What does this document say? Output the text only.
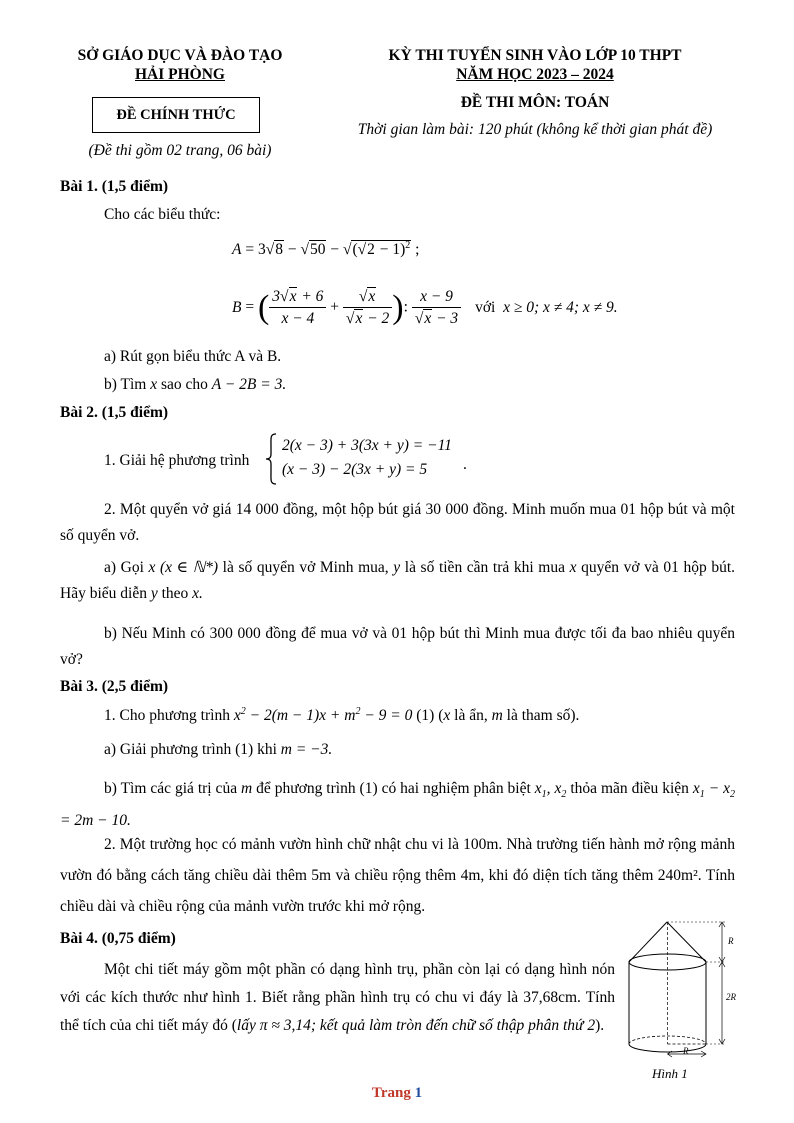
SỞ GIÁO DỤC VÀ ĐÀO TẠO
HẢI PHÒNG
ĐỀ CHÍNH THỨC
(Đề thi gồm 02 trang, 06 bài)
KỲ THI TUYỂN SINH VÀO LỚP 10 THPT
NĂM HỌC 2023 – 2024
ĐỀ THI MÔN: TOÁN
Thời gian làm bài: 120 phút (không kể thời gian phát đề)
Bài 1. (1,5 điểm)
Cho các biểu thức:
$A = 3√8 - √50 - √(√2 - 1)^2$ ;
B = ( $\frac{3√x + 6}{x - 4} + \frac{√x}{√x - 2}$ ): $\frac{x - 9}{√x - 3}$ với  x ≥ 0; x ≠ 4; x ≠ 9.
a) Rút gọn biểu thức A và B.
b) Tìm x sao cho A − 2B = 3.
Bài 2. (1,5 điểm)
1. Giải hệ phương trình
2(x − 3) + 3(3x + y) = −11
(x − 3) − 2(3x + y) = 5	.
2. Một quyển vở giá 14 000 đồng, một hộp bút giá 30 000 đồng. Minh muốn mua 01 hộp bút và một số quyển vở.
a) Gọi x (x ∈ ℕ*) là số quyển vở Minh mua, y là số tiền cần trả khi mua x quyển vở và 01 hộp bút. Hãy biểu diễn y theo x.
b) Nếu Minh có 300 000 đồng để mua vở và 01 hộp bút thì Minh mua được tối đa bao nhiêu quyển vở?
Bài 3. (2,5 điểm)
1. Cho phương trình $x^2 - 2(m - 1)x + m^2 - 9 = 0$ (1) (x là ẩn, m là tham số).
a) Giải phương trình (1) khi m = −3.
b) Tìm các giá trị của m để phương trình (1) có hai nghiệm phân biệt $x_1$, $x_2$ thỏa mãn điều kiện $x_1 - x_2 = 2m - 10$.
2. Một trường học có mảnh vườn hình chữ nhật chu vi là 100m. Nhà trường tiến hành mở rộng mảnh vườn đó bằng cách tăng chiều dài thêm 5m và chiều rộng thêm 4m, khi đó diện tích tăng thêm 240m². Tính chiều dài và chiều rộng của mảnh vườn trước khi mở rộng.
Bài 4. (0,75 điểm)
Một chi tiết máy gồm một phần có dạng hình trụ, phần còn lại có dạng hình nón với các kích thước như hình 1. Biết rằng phần hình trụ có chu vi đáy là 37,68cm. Tính thể tích của chi tiết máy đó (lấy π ≈ 3,14; kết quả làm tròn đến chữ số thập phân thứ 2).
R
2R
R
Hình 1
Trang 1
